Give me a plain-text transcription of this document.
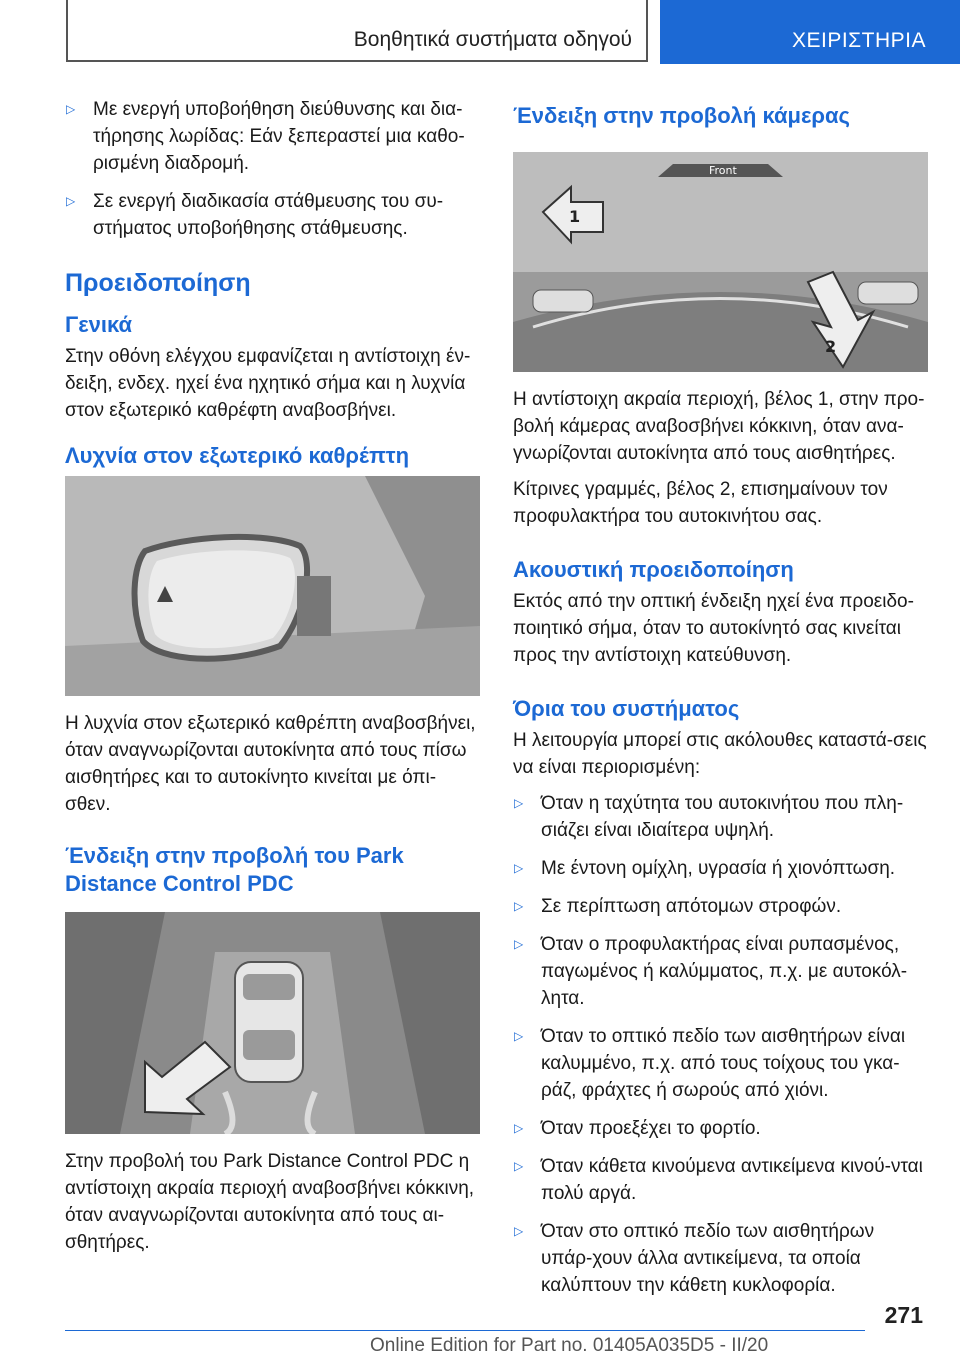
Βοηθητικά συστήματα οδηγού	ΧΕΙΡΙΣΤΗΡΙΑ
▷ Με ενεργή υποβοήθηση διεύθυνσης και δια-τήρησης λωρίδας: Εάν ξεπεραστεί μια καθο-ρισμένη διαδρομή.
▷ Σε ενεργή διαδικασία στάθμευσης του συ-στήματος υποβοήθησης στάθμευσης.
Προειδοποίηση
Γενικά
Στην οθόνη ελέγχου εμφανίζεται η αντίστοιχη έν-δειξη, ενδεχ. ηχεί ένα ηχητικό σήμα και η λυχνία στον εξωτερικό καθρέφτη αναβοσβήνει.
Λυχνία στον εξωτερικό καθρέπτη
Η λυχνία στον εξωτερικό καθρέπτη αναβοσβήνει, όταν αναγνωρίζονται αυτοκίνητα από τους πίσω αισθητήρες και το αυτοκίνητο κινείται με όπι-σθεν.
Ένδειξη στην προβολή του Park Distance Control PDC
Στην προβολή του Park Distance Control PDC η αντίστοιχη ακραία περιοχή αναβοσβήνει κόκκινη, όταν αναγνωρίζονται αυτοκίνητα από τους αι-σθητήρες.
Ένδειξη στην προβολή κάμερας
Front
1
2
Η αντίστοιχη ακραία περιοχή, βέλος 1, στην προ-βολή κάμερας αναβοσβήνει κόκκινη, όταν ανα-γνωρίζονται αυτοκίνητα από τους αισθητήρες.
Κίτρινες γραμμές, βέλος 2, επισημαίνουν τον προφυλακτήρα του αυτοκινήτου σας.
Ακουστική προειδοποίηση
Εκτός από την οπτική ένδειξη ηχεί ένα προειδο-ποιητικό σήμα, όταν το αυτοκίνητό σας κινείται προς την αντίστοιχη κατεύθυνση.
Όρια του συστήματος
Η λειτουργία μπορεί στις ακόλουθες καταστά-σεις να είναι περιορισμένη:
▷ Όταν η ταχύτητα του αυτοκινήτου που πλη-σιάζει είναι ιδιαίτερα υψηλή.
▷ Με έντονη ομίχλη, υγρασία ή χιονόπτωση.
▷ Σε περίπτωση απότομων στροφών.
▷ Όταν ο προφυλακτήρας είναι ρυπασμένος, παγωμένος ή καλύμματος, π.χ. με αυτοκόλ-λητα.
▷ Όταν το οπτικό πεδίο των αισθητήρων είναι καλυμμένο, π.χ. από τους τοίχους του γκα-ράζ, φράχτες ή σωρούς από χιόνι.
▷ Όταν προεξέχει το φορτίο.
▷ Όταν κάθετα κινούμενα αντικείμενα κινού-νται πολύ αργά.
▷ Όταν στο οπτικό πεδίο των αισθητήρων υπάρ-χουν άλλα αντικείμενα, τα οποία καλύπτουν την κάθετη κυκλοφορία.
271
Online Edition for Part no. 01405A035D5 - II/20
